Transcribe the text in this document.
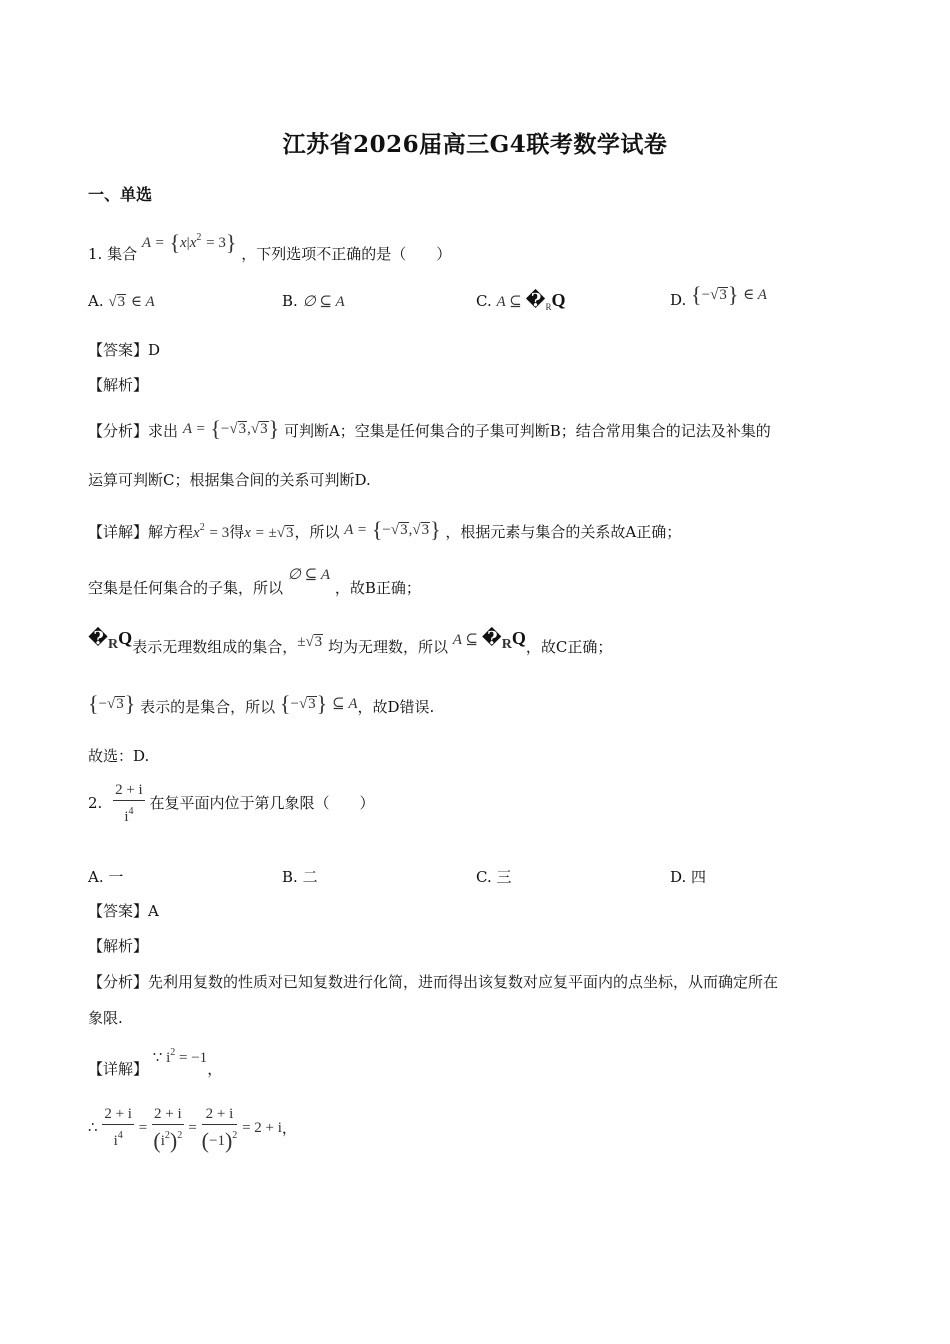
江苏省2026届高三G4联考数学试卷
一、单选
1. 集合 $A = \{x|x^2 = 3\}$ ，下列选项不正确的是（　　）
A. √3 ∈ A	B. ∅ ⊆ A	C. A ⊆ $�_RQ$	D. {−√3} ∈ A
【答案】D
【解析】
【分析】求出 A = {−√3,√3} 可判断A；空集是任何集合的子集可判断B；结合常用集合的记法及补集的
运算可判断C；根据集合间的关系可判断D.
【详解】解方程$x^2 = 3$得x = ±√3，所以 A = {−√3,√3} ，根据元素与集合的关系故A正确；
空集是任何集合的子集，所以 ∅ ⊆ A ，故B正确；
�RQ表示无理数组成的集合，±√3 均为无理数，所以 A ⊆ �RQ，故C正确；
{−√3} 表示的是集合，所以 {−√3} ⊆ A，故D错误.
故选：D.
2. $\frac{2 + i}{i^4}$ 在复平面内位于第几象限（　　）
A. 一	B. 二	C. 三	D. 四
【答案】A
【解析】
【分析】先利用复数的性质对已知复数进行化简，进而得出该复数对应复平面内的点坐标，从而确定所在
象限.
【详解】 ∵ $i^2 = -1$，
∴ $\frac{2 + i}{i^4} = \frac{2 + i}{(i^2)^2} = \frac{2 + i}{(-1)^2} = 2 + i$，
